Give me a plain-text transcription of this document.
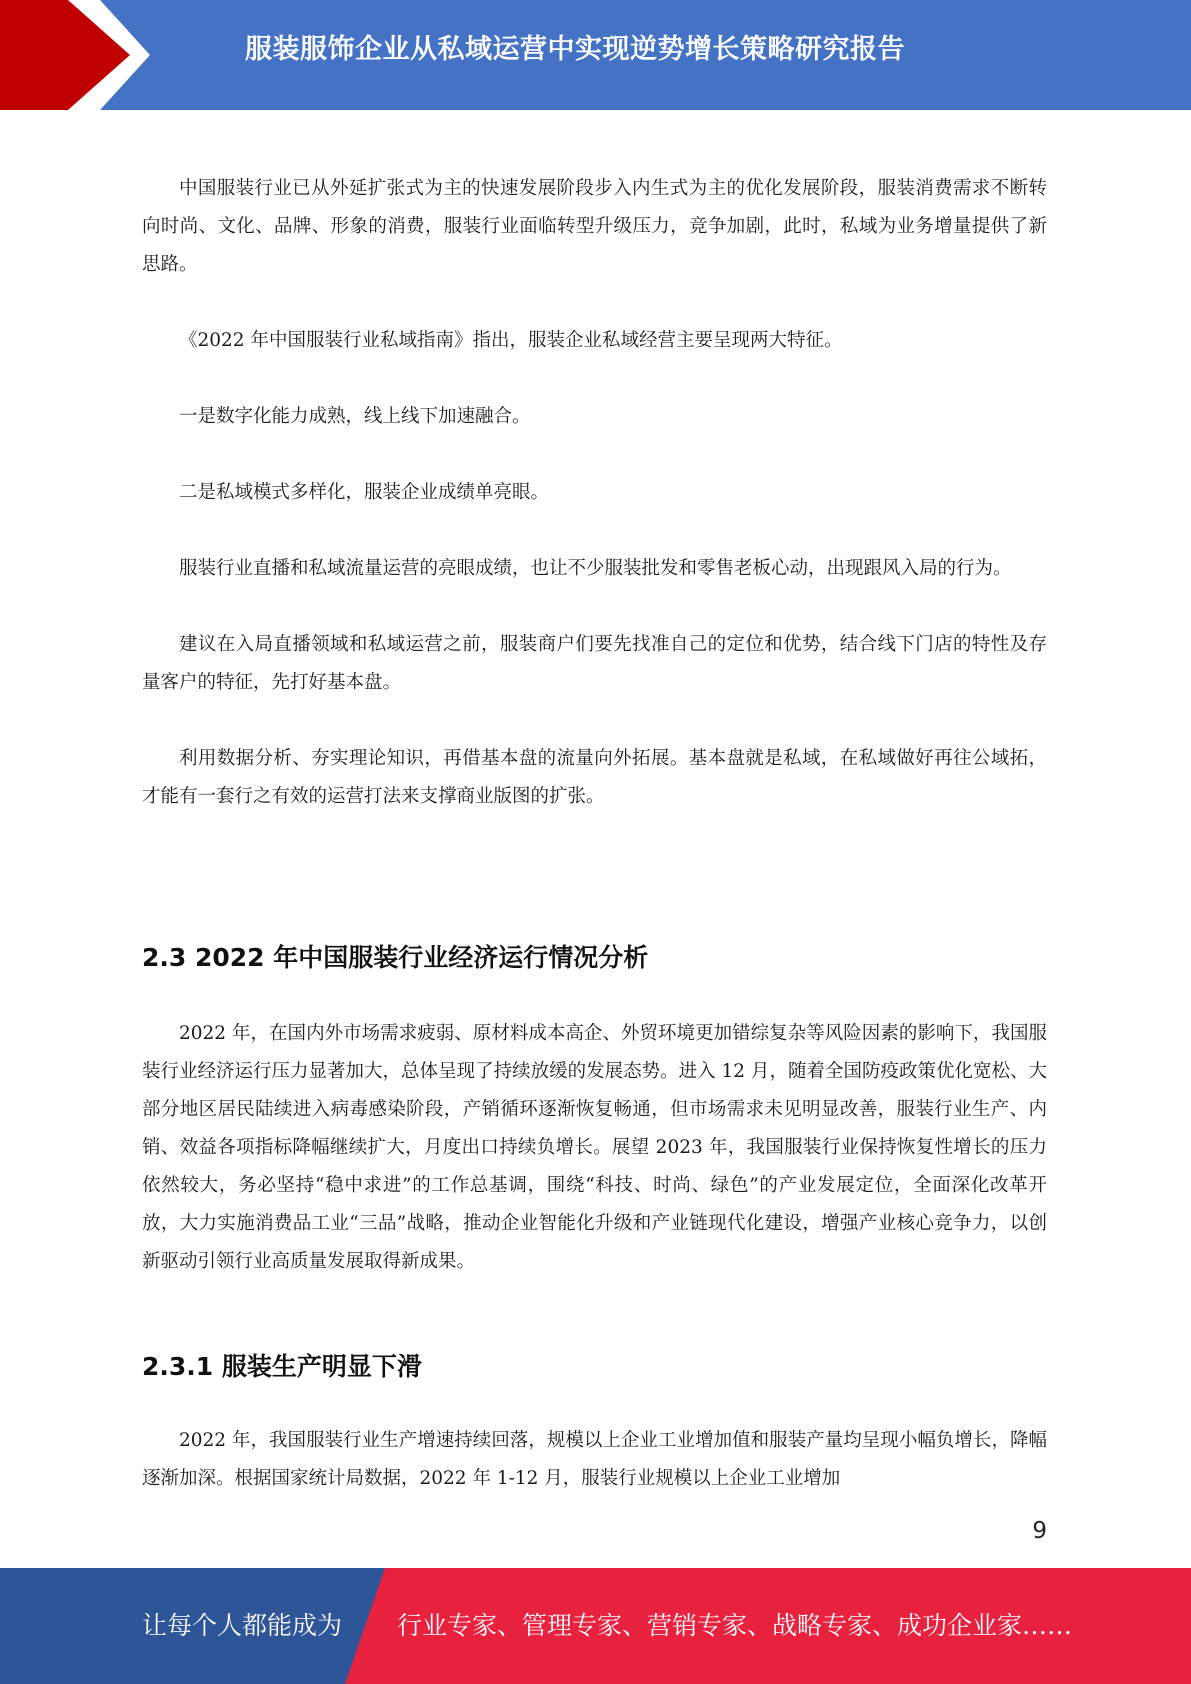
服装服饰企业从私域运营中实现逆势增长策略研究报告

中国服装行业已从外延扩张式为主的快速发展阶段步入内生式为主的优化发展阶段，服装消费需求不断转向时尚、文化、品牌、形象的消费，服装行业面临转型升级压力，竞争加剧，此时，私域为业务增量提供了新思路。

《2022 年中国服装行业私域指南》指出，服装企业私域经营主要呈现两大特征。

一是数字化能力成熟，线上线下加速融合。

二是私域模式多样化，服装企业成绩单亮眼。

服装行业直播和私域流量运营的亮眼成绩，也让不少服装批发和零售老板心动，出现跟风入局的行为。

建议在入局直播领域和私域运营之前，服装商户们要先找准自己的定位和优势，结合线下门店的特性及存量客户的特征，先打好基本盘。

利用数据分析、夯实理论知识，再借基本盘的流量向外拓展。基本盘就是私域，在私域做好再往公域拓，才能有一套行之有效的运营打法来支撑商业版图的扩张。

2.3 2022 年中国服装行业经济运行情况分析

2022 年，在国内外市场需求疲弱、原材料成本高企、外贸环境更加错综复杂等风险因素的影响下，我国服装行业经济运行压力显著加大，总体呈现了持续放缓的发展态势。进入 12 月，随着全国防疫政策优化宽松、大部分地区居民陆续进入病毒感染阶段，产销循环逐渐恢复畅通，但市场需求未见明显改善，服装行业生产、内销、效益各项指标降幅继续扩大，月度出口持续负增长。展望 2023 年，我国服装行业保持恢复性增长的压力依然较大，务必坚持“稳中求进”的工作总基调，围绕“科技、时尚、绿色”的产业发展定位，全面深化改革开放，大力实施消费品工业“三品”战略，推动企业智能化升级和产业链现代化建设，增强产业核心竞争力，以创新驱动引领行业高质量发展取得新成果。

2.3.1 服装生产明显下滑

2022 年，我国服装行业生产增速持续回落，规模以上企业工业增加值和服装产量均呈现小幅负增长，降幅逐渐加深。根据国家统计局数据，2022 年 1-12 月，服装行业规模以上企业工业增加

9
让每个人都能成为 行业专家、管理专家、营销专家、战略专家、成功企业家……
